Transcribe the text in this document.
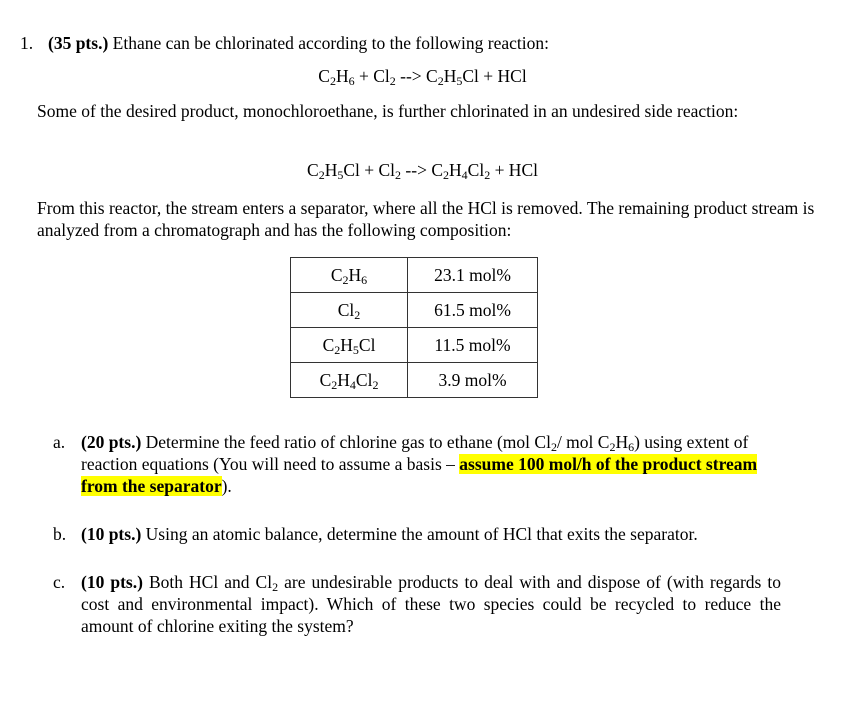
1. (35 pts.) Ethane can be chlorinated according to the following reaction:
$C_2H_6 + Cl_2$ --> $C_2H_5Cl$ + HCl
Some of the desired product, monochloroethane, is further chlorinated in an undesired side reaction:
$C_2H_5Cl + Cl_2$ --> $C_2H_4Cl_2$ + HCl
From this reactor, the stream enters a separator, where all the HCl is removed. The remaining product stream is analyzed from a chromatograph and has the following composition:
$C_2H_6$	23.1 mol%
$Cl_2$	61.5 mol%
$C_2H_5Cl$	11.5 mol%
$C_2H_4Cl_2$	3.9 mol%
a. (20 pts.) Determine the feed ratio of chlorine gas to ethane (mol $Cl_2/$ mol $C_2H_6$) using extent of reaction equations (You will need to assume a basis – assume 100 mol/h of the product stream from the separator).
b. (10 pts.) Using an atomic balance, determine the amount of HCl that exits the separator.
c. (10 pts.) Both HCl and $Cl_2$ are undesirable products to deal with and dispose of (with regards to cost and environmental impact). Which of these two species could be recycled to reduce the amount of chlorine exiting the system?
